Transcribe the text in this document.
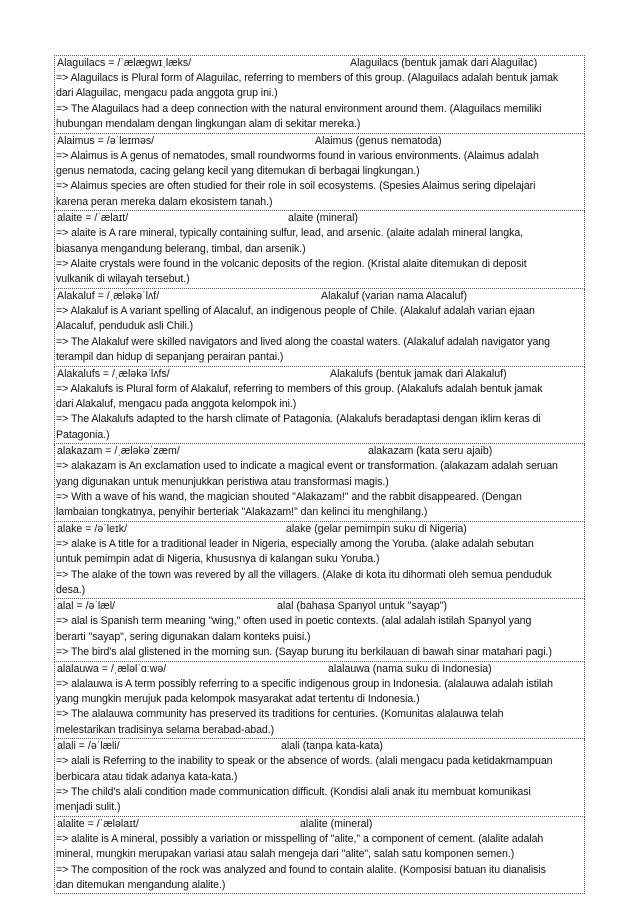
Alaguilacs = /ˈælægwɪˌlæks/	Alaguilacs (bentuk jamak dari Alaguilac)
=> Alaguilacs is Plural form of Alaguilac, referring to members of this group. (Alaguilacs adalah bentuk jamak
dari Alaguilac, mengacu pada anggota grup ini.)
=> The Alaguilacs had a deep connection with the natural environment around them. (Alaguilacs memiliki
hubungan mendalam dengan lingkungan alam di sekitar mereka.)
Alaimus = /əˈleɪməs/	Alaimus (genus nematoda)
=> Alaimus is A genus of nematodes, small roundworms found in various environments. (Alaimus adalah
genus nematoda, cacing gelang kecil yang ditemukan di berbagai lingkungan.)
=> Alaimus species are often studied for their role in soil ecosystems. (Spesies Alaimus sering dipelajari
karena peran mereka dalam ekosistem tanah.)
alaite = /ˈælaɪt/	alaite (mineral)
=> alaite is A rare mineral, typically containing sulfur, lead, and arsenic. (alaite adalah mineral langka,
biasanya mengandung belerang, timbal, dan arsenik.)
=> Alaite crystals were found in the volcanic deposits of the region. (Kristal alaite ditemukan di deposit
vulkanik di wilayah tersebut.)
Alakaluf = /ˌæləkəˈlʌf/	Alakaluf (varian nama Alacaluf)
=> Alakaluf is A variant spelling of Alacaluf, an indigenous people of Chile. (Alakaluf adalah varian ejaan
Alacaluf, penduduk asli Chili.)
=> The Alakaluf were skilled navigators and lived along the coastal waters. (Alakaluf adalah navigator yang
terampil dan hidup di sepanjang perairan pantai.)
Alakalufs = /ˌæləkəˈlʌfs/	Alakalufs (bentuk jamak dari Alakaluf)
=> Alakalufs is Plural form of Alakaluf, referring to members of this group. (Alakalufs adalah bentuk jamak
dari Alakaluf, mengacu pada anggota kelompok ini.)
=> The Alakalufs adapted to the harsh climate of Patagonia. (Alakalufs beradaptasi dengan iklim keras di
Patagonia.)
alakazam = /ˌæləkəˈzæm/	alakazam (kata seru ajaib)
=> alakazam is An exclamation used to indicate a magical event or transformation. (alakazam adalah seruan
yang digunakan untuk menunjukkan peristiwa atau transformasi magis.)
=> With a wave of his wand, the magician shouted "Alakazam!" and the rabbit disappeared. (Dengan
lambaian tongkatnya, penyihir berteriak "Alakazam!" dan kelinci itu menghilang.)
alake = /əˈleɪk/	alake (gelar pemimpin suku di Nigeria)
=> alake is A title for a traditional leader in Nigeria, especially among the Yoruba. (alake adalah sebutan
untuk pemimpin adat di Nigeria, khususnya di kalangan suku Yoruba.)
=> The alake of the town was revered by all the villagers. (Alake di kota itu dihormati oleh semua penduduk
desa.)
alal = /əˈlæl/	alal (bahasa Spanyol untuk "sayap")
=> alal is Spanish term meaning "wing," often used in poetic contexts. (alal adalah istilah Spanyol yang
berarti "sayap", sering digunakan dalam konteks puisi.)
=> The bird's alal glistened in the morning sun. (Sayap burung itu berkilauan di bawah sinar matahari pagi.)
alalauwa = /ˌæləlˈɑːwə/	alalauwa (nama suku di Indonesia)
=> alalauwa is A term possibly referring to a specific indigenous group in Indonesia. (alalauwa adalah istilah
yang mungkin merujuk pada kelompok masyarakat adat tertentu di Indonesia.)
=> The alalauwa community has preserved its traditions for centuries. (Komunitas alalauwa telah
melestarikan tradisinya selama berabad-abad.)
alali = /əˈlæli/	alali (tanpa kata-kata)
=> alali is Referring to the inability to speak or the absence of words. (alali mengacu pada ketidakmampuan
berbicara atau tidak adanya kata-kata.)
=> The child's alali condition made communication difficult. (Kondisi alali anak itu membuat komunikasi
menjadi sulit.)
alalite = /ˈæləlaɪt/	alalite (mineral)
=> alalite is A mineral, possibly a variation or misspelling of "alite," a component of cement. (alalite adalah
mineral, mungkin merupakan variasi atau salah mengeja dari "alite", salah satu komponen semen.)
=> The composition of the rock was analyzed and found to contain alalite. (Komposisi batuan itu dianalisis
dan ditemukan mengandung alalite.)
